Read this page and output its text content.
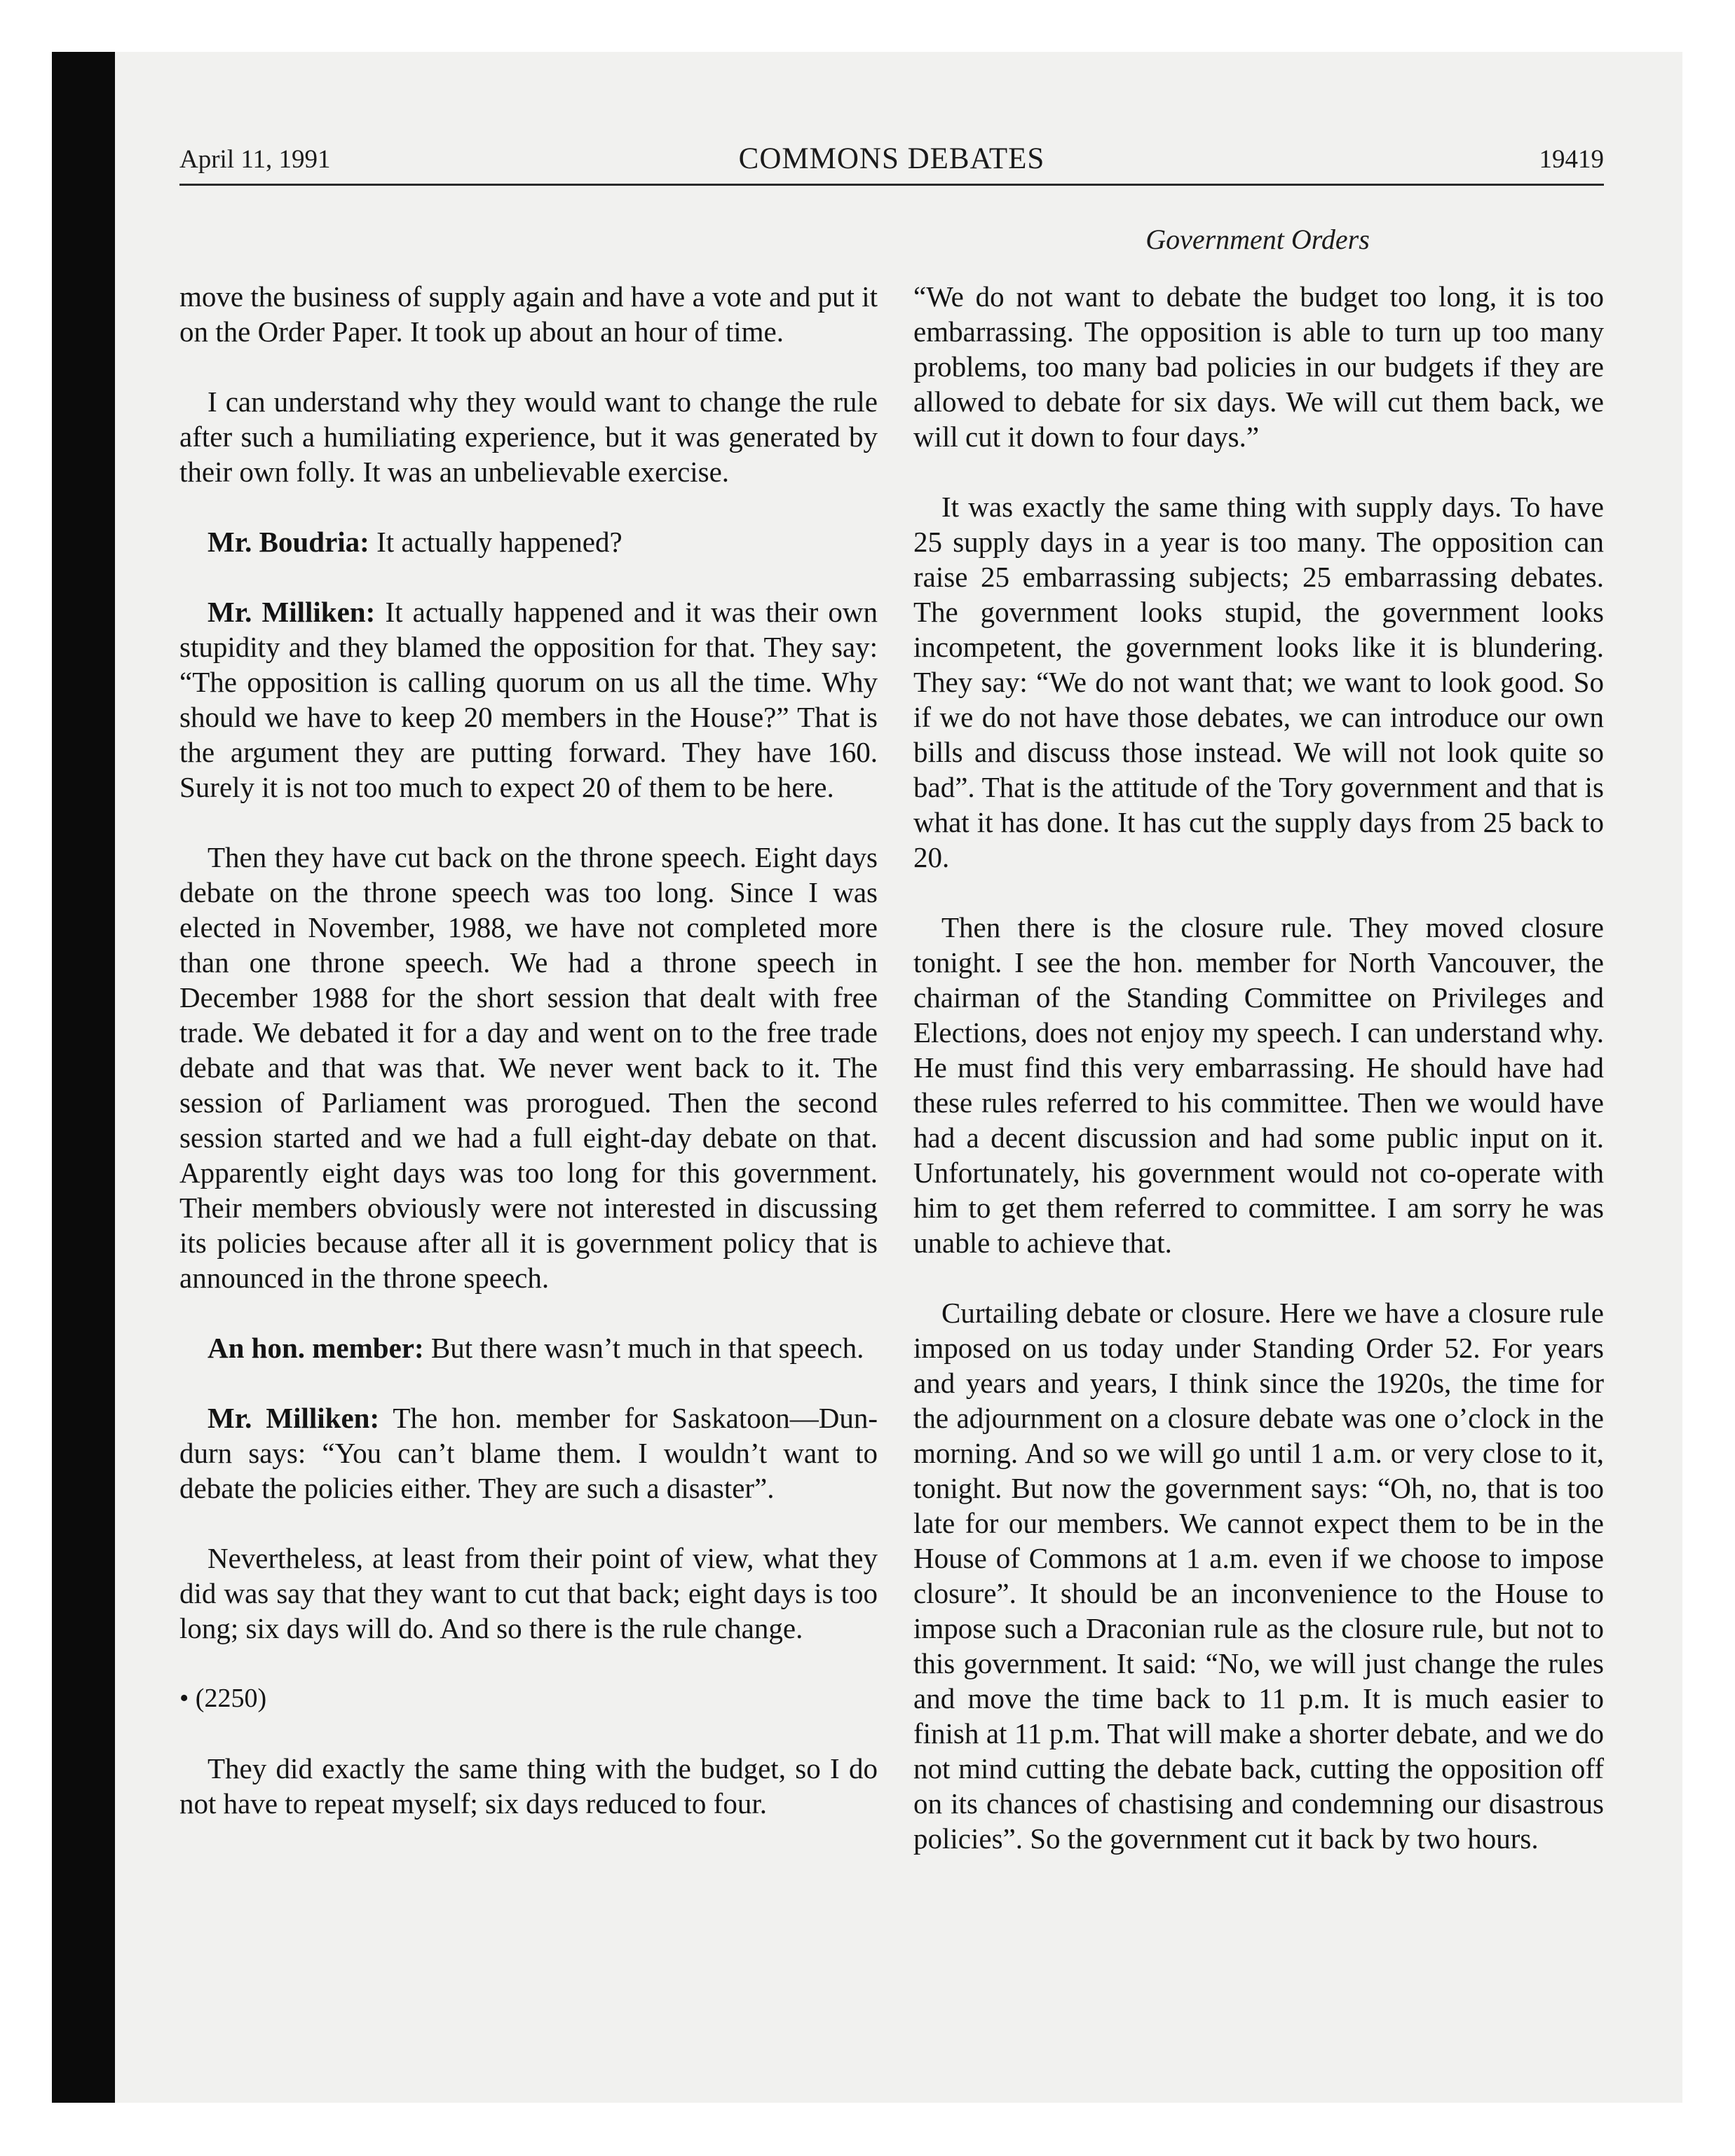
April 11, 1991	COMMONS DEBATES	19419
Government Orders

move the business of supply again and have a vote and put it on the Order Paper. It took up about an hour of time.

I can understand why they would want to change the rule after such a humiliating experience, but it was generated by their own folly. It was an unbelievable exercise.

Mr. Boudria: It actually happened?

Mr. Milliken: It actually happened and it was their own stupidity and they blamed the opposition for that. They say: “The opposition is calling quorum on us all the time. Why should we have to keep 20 members in the House?” That is the argument they are putting forward. They have 160. Surely it is not too much to expect 20 of them to be here.

Then they have cut back on the throne speech. Eight days debate on the throne speech was too long. Since I was elected in November, 1988, we have not completed more than one throne speech. We had a throne speech in December 1988 for the short session that dealt with free trade. We debated it for a day and went on to the free trade debate and that was that. We never went back to it. The session of Parliament was prorogued. Then the second session started and we had a full eight-day debate on that. Apparently eight days was too long for this government. Their members obviously were not interested in discussing its policies because after all it is government policy that is announced in the throne speech.

An hon. member: But there wasn’t much in that speech.

Mr. Milliken: The hon. member for Saskatoon—Dundurn says: “You can’t blame them. I wouldn’t want to debate the policies either. They are such a disaster”.

Nevertheless, at least from their point of view, what they did was say that they want to cut that back; eight days is too long; six days will do. And so there is the rule change.

• (2250)

They did exactly the same thing with the budget, so I do not have to repeat myself; six days reduced to four.

“We do not want to debate the budget too long, it is too embarrassing. The opposition is able to turn up too many problems, too many bad policies in our budgets if they are allowed to debate for six days. We will cut them back, we will cut it down to four days.”

It was exactly the same thing with supply days. To have 25 supply days in a year is too many. The opposition can raise 25 embarrassing subjects; 25 embarrassing debates. The government looks stupid, the government looks incompetent, the government looks like it is blundering. They say: “We do not want that; we want to look good. So if we do not have those debates, we can introduce our own bills and discuss those instead. We will not look quite so bad”. That is the attitude of the Tory government and that is what it has done. It has cut the supply days from 25 back to 20.

Then there is the closure rule. They moved closure tonight. I see the hon. member for North Vancouver, the chairman of the Standing Committee on Privileges and Elections, does not enjoy my speech. I can understand why. He must find this very embarrassing. He should have had these rules referred to his committee. Then we would have had a decent discussion and had some public input on it. Unfortunately, his government would not co-operate with him to get them referred to committee. I am sorry he was unable to achieve that.

Curtailing debate or closure. Here we have a closure rule imposed on us today under Standing Order 52. For years and years and years, I think since the 1920s, the time for the adjournment on a closure debate was one o’clock in the morning. And so we will go until 1 a.m. or very close to it, tonight. But now the government says: “Oh, no, that is too late for our members. We cannot expect them to be in the House of Commons at 1 a.m. even if we choose to impose closure”. It should be an inconvenience to the House to impose such a Draconian rule as the closure rule, but not to this government. It said: “No, we will just change the rules and move the time back to 11 p.m. It is much easier to finish at 11 p.m. That will make a shorter debate, and we do not mind cutting the debate back, cutting the opposition off on its chances of chastising and condemning our disastrous policies”. So the government cut it back by two hours.
